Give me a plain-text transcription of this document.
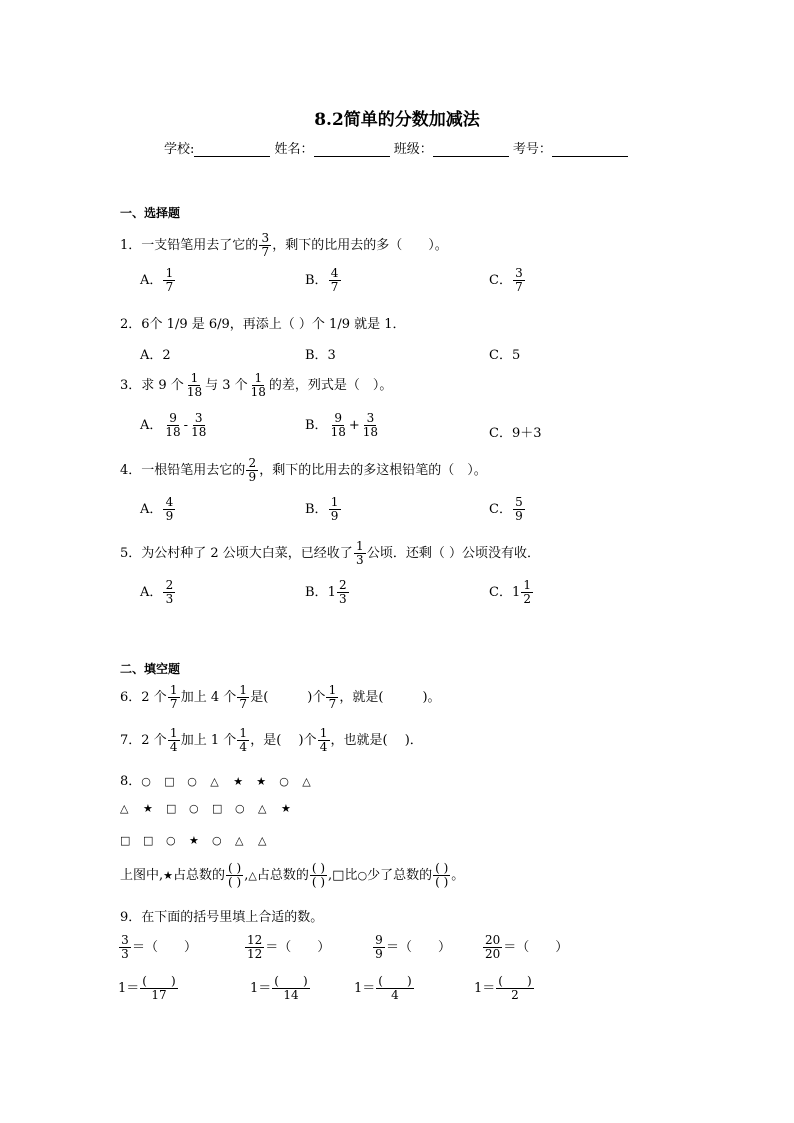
8.2简单的分数加减法
学校:	姓名：	班级：	考号：
一、选择题
1．一支铅笔用去了它的 $\frac{3}{7}$ ，剩下的比用去的多（　　）。
A． $\frac{1}{7}$	B． $\frac{4}{7}$	C． $\frac{3}{7}$
2．6个 1/9 是 6/9，再添上（ ）个 1/9 就是 1．
A．2	B．3	C．5
3．求 9 个 $\frac{1}{18}$ 与 3 个 $\frac{1}{18}$ 的差，列式是（　）。
A． $\frac{9}{18} - \frac{3}{18}$	B． $\frac{9}{18} + \frac{3}{18}$	C．9＋3
4．一根铅笔用去它的 $\frac{2}{9}$ ，剩下的比用去的多这根铅笔的（　）。
A． $\frac{4}{9}$	B． $\frac{1}{9}$	C． $\frac{5}{9}$
5．为公村种了 2 公顷大白菜，已经收了 $\frac{1}{3}$ 公顷．还剩（ ）公顷没有收．
A． $\frac{2}{3}$	B．$1 \frac{2}{3}$	C．$1 \frac{1}{2}$
二、填空题
6．2 个 $\frac{1}{7}$ 加上 4 个 $\frac{1}{7}$ 是(　　　)个 $\frac{1}{7}$ ，就是(　　　)。
7．2 个 $\frac{1}{4}$ 加上 1 个 $\frac{1}{4}$ ，是(　 )个 $\frac{1}{4}$ ，也就是(　 )．
8．○ □ ○ △ ★ ★ ○ △
△ ★ □ ○ □ ○ △ ★
□ □ ○ ★ ○ △ △
上图中,★占总数的 $\frac{( )}{( )}$ ,△占总数的 $\frac{( )}{( )}$ ,□比○少了总数的 $\frac{( )}{( )}$ 。
9．在下面的括号里填上合适的数。
$\frac{3}{3}$ ＝（　　）	$\frac{12}{12}$ ＝（　　）	$\frac{9}{9}$ ＝（　　）	$\frac{20}{20}$ ＝（　　）
$1= \frac{( )}{17}$	$1= \frac{( )}{14}$	$1= \frac{( )}{4}$	$1= \frac{( )}{2}$
